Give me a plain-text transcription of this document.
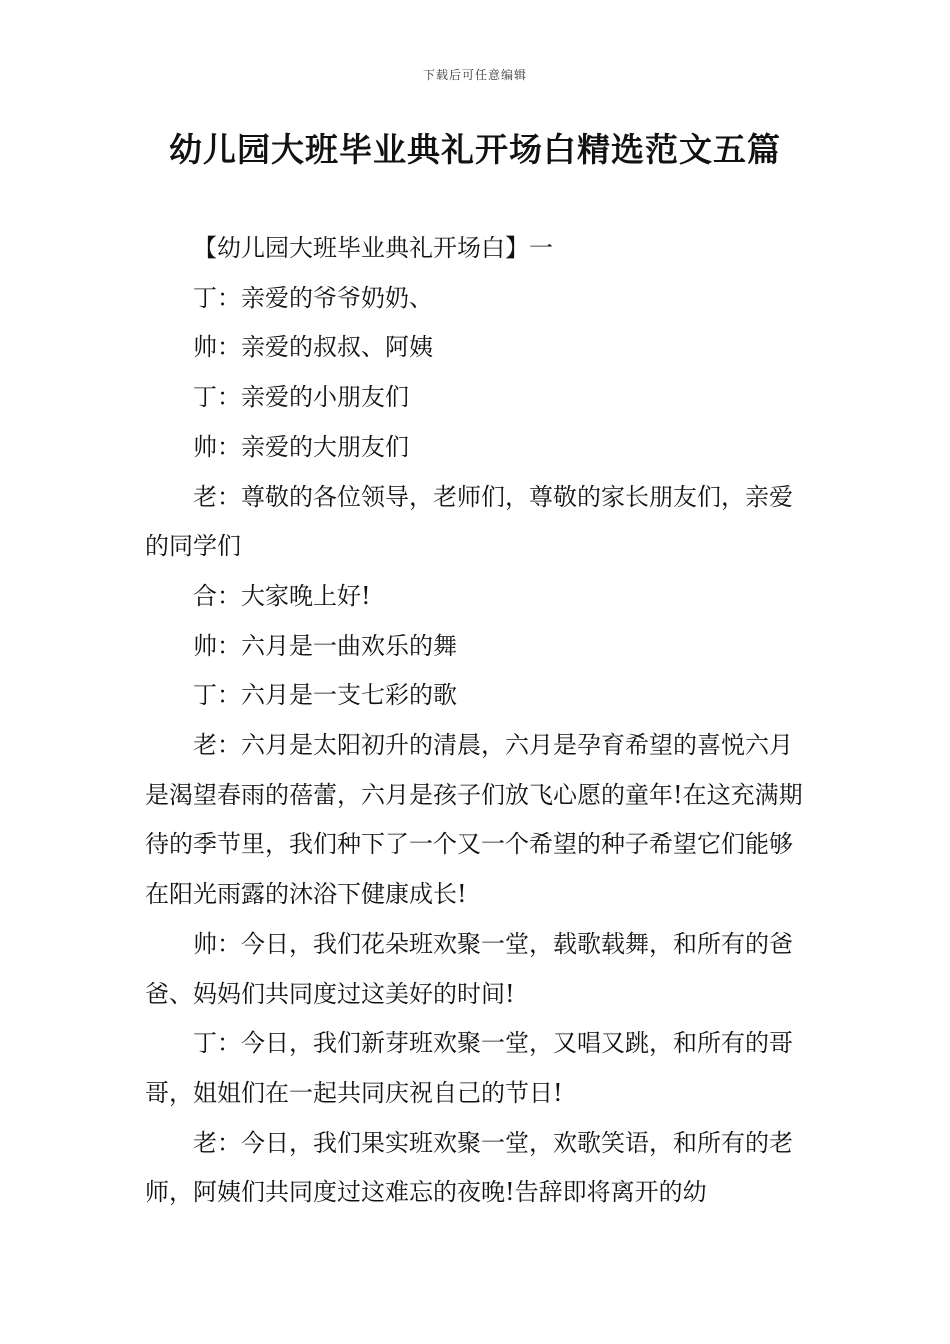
下载后可任意编辑
幼儿园大班毕业典礼开场白精选范文五篇

【幼儿园大班毕业典礼开场白】一

丁：亲爱的爷爷奶奶、

帅：亲爱的叔叔、阿姨

丁：亲爱的小朋友们

帅：亲爱的大朋友们

老：尊敬的各位领导，老师们，尊敬的家长朋友们，亲爱的同学们

合：大家晚上好!

帅：六月是一曲欢乐的舞

丁：六月是一支七彩的歌

老：六月是太阳初升的清晨，六月是孕育希望的喜悦六月是渴望春雨的蓓蕾，六月是孩子们放飞心愿的童年!在这充满期待的季节里，我们种下了一个又一个希望的种子希望它们能够在阳光雨露的沐浴下健康成长!

帅：今日，我们花朵班欢聚一堂，载歌载舞，和所有的爸爸、妈妈们共同度过这美好的时间!

丁：今日，我们新芽班欢聚一堂，又唱又跳，和所有的哥哥，姐姐们在一起共同庆祝自己的节日!

老：今日，我们果实班欢聚一堂，欢歌笑语，和所有的老师，阿姨们共同度过这难忘的夜晚!告辞即将离开的幼
